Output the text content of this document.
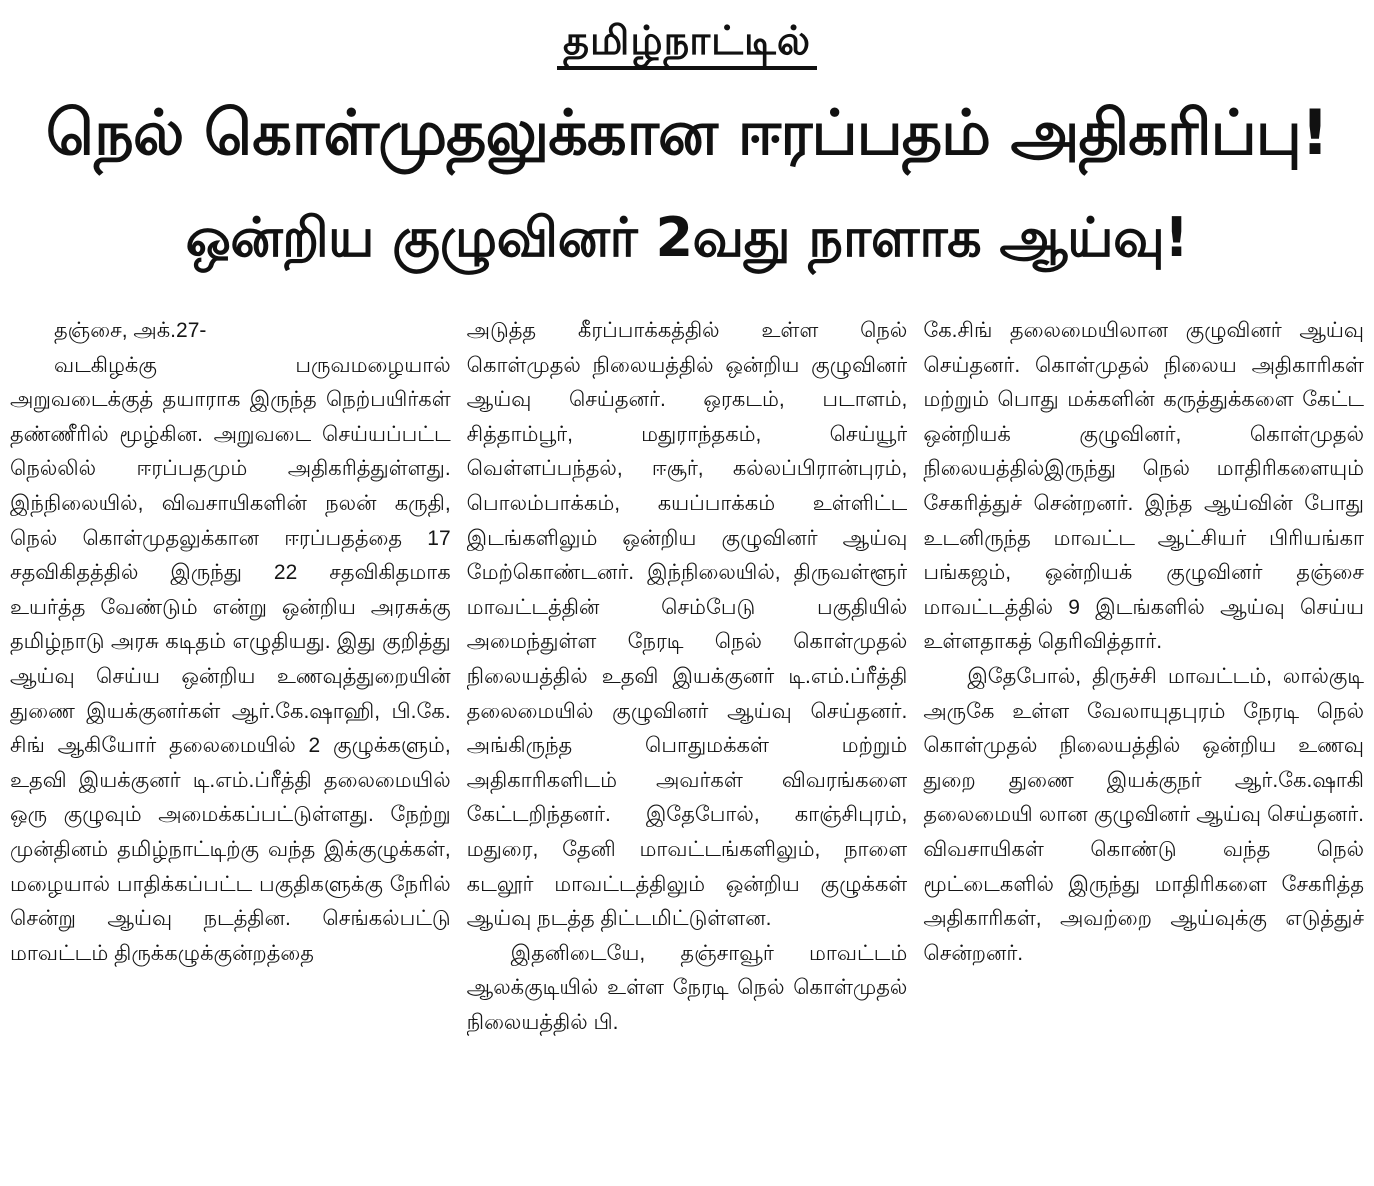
தமிழ்நாட்டில்
நெல் கொள்முதலுக்கான ஈரப்பதம் அதிகரிப்பு!
ஒன்றிய குழுவினர் 2வது நாளாக ஆய்வு!

தஞ்சை, அக்.27-

வடகிழக்கு பருவமழையால் அறுவடைக்குத் தயாராக இருந்த நெற்பயிர்கள் தண்ணீரில் மூழ்கின. அறுவடை செய்யப்பட்ட நெல்லில் ஈரப்பதமும் அதிகரித்துள்ளது. இந்நிலையில், விவசாயிகளின் நலன் கருதி, நெல் கொள்முதலுக்கான ஈரப்பதத்தை 17 சதவிகிதத்தில் இருந்து 22 சதவிகிதமாக உயர்த்த வேண்டும் என்று ஒன்றிய அரசுக்கு தமிழ்நாடு அரசு கடிதம் எழுதியது. இது குறித்து ஆய்வு செய்ய ஒன்றிய உணவுத்துறையின் துணை இயக்குனர்கள் ஆர்.கே.ஷாஹி, பி.கே. சிங் ஆகியோர் தலைமையில் 2 குழுக்களும், உதவி இயக்குனர் டி.எம்.ப்ரீத்தி தலைமையில் ஒரு குழுவும் அமைக்கப்பட்டுள்ளது. நேற்று முன்தினம் தமிழ்நாட்டிற்கு வந்த இக்குழுக்கள், மழையால் பாதிக்கப்பட்ட பகுதிகளுக்கு நேரில் சென்று ஆய்வு நடத்தின. செங்கல்பட்டு மாவட்டம் திருக்கழுக்குன்றத்தை

அடுத்த கீரப்பாக்கத்தில் உள்ள நெல் கொள்முதல் நிலையத்தில் ஒன்றிய குழுவினர் ஆய்வு செய்தனர். ஒரகடம், படாளம், சித்தாம்பூர், மதுராந்தகம், செய்யூர் வெள்ளப்பந்தல், ஈசூர், கல்லப்பிரான்புரம், பொலம்பாக்கம், கயப்பாக்கம் உள்ளிட்ட இடங்களிலும் ஒன்றிய குழுவினர் ஆய்வு மேற்கொண்டனர். இந்நிலையில், திருவள்ளூர் மாவட்டத்தின் செம்பேடு பகுதியில் அமைந்துள்ள நேரடி நெல் கொள்முதல் நிலையத்தில் உதவி இயக்குனர் டி.எம்.ப்ரீத்தி தலைமையில் குழுவினர் ஆய்வு செய்தனர். அங்கிருந்த பொதுமக்கள் மற்றும் அதிகாரிகளிடம் அவர்கள் விவரங்களை கேட்டறிந்தனர். இதேபோல், காஞ்சிபுரம், மதுரை, தேனி மாவட்டங்களிலும், நாளை கடலூர் மாவட்டத்திலும் ஒன்றிய குழுக்கள் ஆய்வு நடத்த திட்டமிட்டுள்ளன.

இதனிடையே, தஞ்சாவூர் மாவட்டம் ஆலக்குடியில் உள்ள நேரடி நெல் கொள்முதல் நிலையத்தில் பி.

கே.சிங் தலைமையிலான குழுவினர் ஆய்வு செய்தனர். கொள்முதல் நிலைய அதிகாரிகள் மற்றும் பொது மக்களின் கருத்துக்களை கேட்ட ஒன்றியக் குழுவினர், கொள்முதல் நிலையத்தில்இருந்து நெல் மாதிரிகளையும் சேகரித்துச் சென்றனர். இந்த ஆய்வின் போது உடனிருந்த மாவட்ட ஆட்சியர் பிரியங்கா பங்கஜம், ஒன்றியக் குழுவினர் தஞ்சை மாவட்டத்தில் 9 இடங்களில் ஆய்வு செய்ய உள்ளதாகத் தெரிவித்தார்.

இதேபோல், திருச்சி மாவட்டம், லால்குடி அருகே உள்ள வேலாயுதபுரம் நேரடி நெல் கொள்முதல் நிலையத்தில் ஒன்றிய உணவு துறை துணை இயக்குநர் ஆர்.கே.ஷாகி தலைமையி லான குழுவினர் ஆய்வு செய்தனர். விவசாயிகள் கொண்டு வந்த நெல் மூட்டைகளில் இருந்து மாதிரிகளை சேகரித்த அதிகாரிகள், அவற்றை ஆய்வுக்கு எடுத்துச் சென்றனர்.
